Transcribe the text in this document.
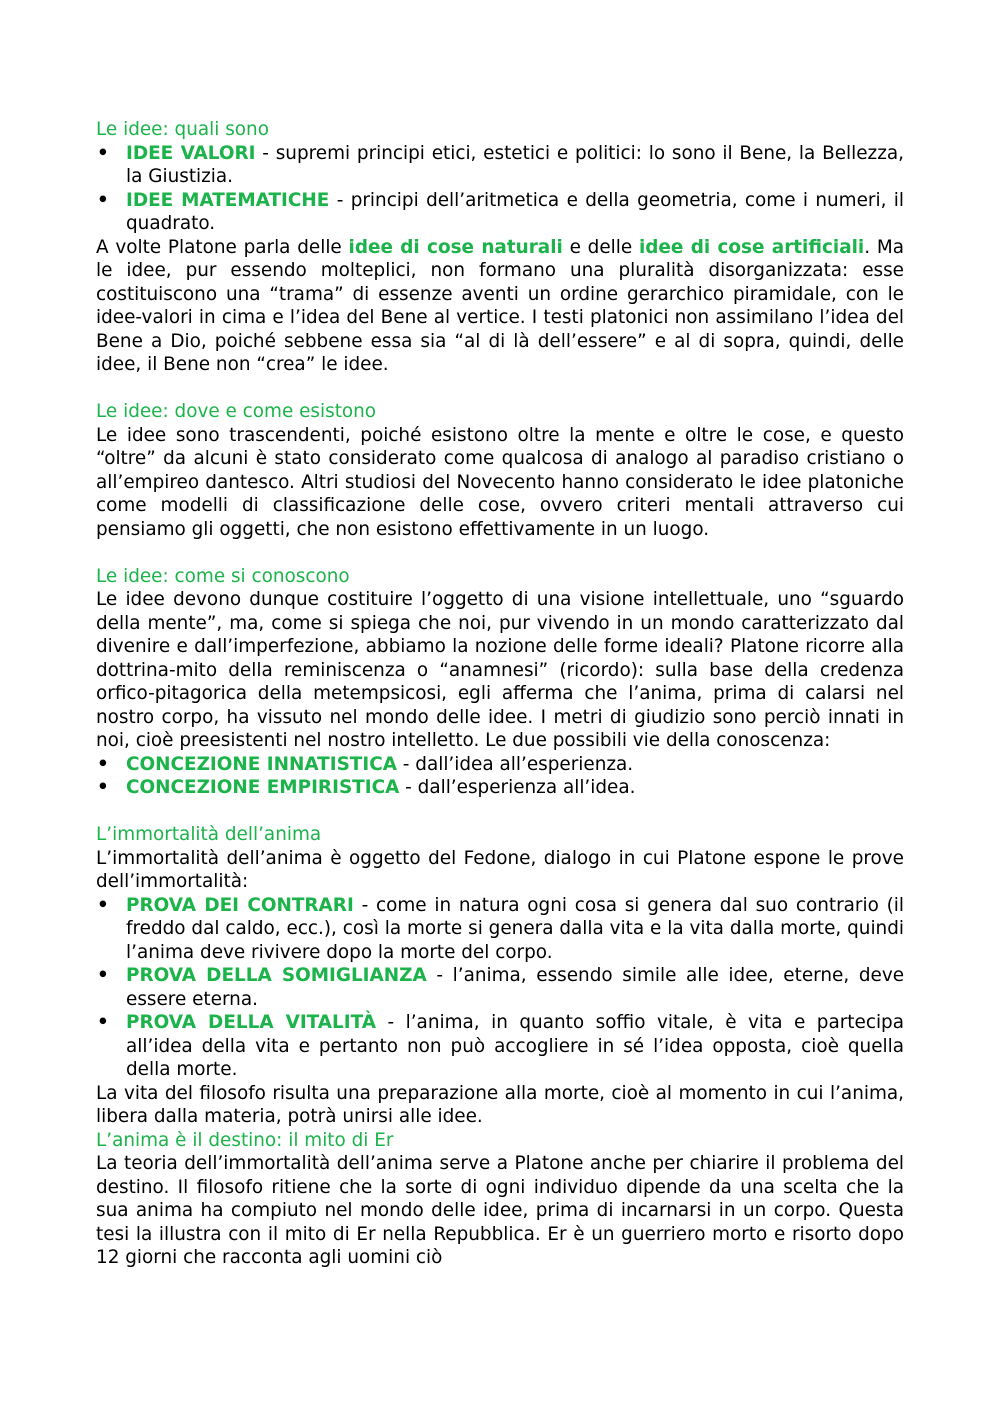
Le idee: quali sono

• IDEE VALORI - supremi principi etici, estetici e politici: lo sono il Bene, la Bellezza, la Giustizia.
• IDEE MATEMATICHE - principi dell’aritmetica e della geometria, come i numeri, il quadrato.

A volte Platone parla delle idee di cose naturali e delle idee di cose artificiali. Ma le idee, pur essendo molteplici, non formano una pluralità disorganizzata: esse costituiscono una “trama” di essenze aventi un ordine gerarchico piramidale, con le idee-valori in cima e l’idea del Bene al vertice. I testi platonici non assimilano l’idea del Bene a Dio, poiché sebbene essa sia “al di là dell’essere” e al di sopra, quindi, delle idee, il Bene non “crea” le idee.

Le idee: dove e come esistono

Le idee sono trascendenti, poiché esistono oltre la mente e oltre le cose, e questo “oltre” da alcuni è stato considerato come qualcosa di analogo al paradiso cristiano o all’empireo dantesco. Altri studiosi del Novecento hanno considerato le idee platoniche come modelli di classificazione delle cose, ovvero criteri mentali attraverso cui pensiamo gli oggetti, che non esistono effettivamente in un luogo.

Le idee: come si conoscono

Le idee devono dunque costituire l’oggetto di una visione intellettuale, uno “sguardo della mente”, ma, come si spiega che noi, pur vivendo in un mondo caratterizzato dal divenire e dall’imperfezione, abbiamo la nozione delle forme ideali? Platone ricorre alla dottrina-mito della reminiscenza o “anamnesi” (ricordo): sulla base della credenza orfico-pitagorica della metempsicosi, egli afferma che l’anima, prima di calarsi nel nostro corpo, ha vissuto nel mondo delle idee. I metri di giudizio sono perciò innati in noi, cioè preesistenti nel nostro intelletto. Le due possibili vie della conoscenza:

• CONCEZIONE INNATISTICA - dall’idea all’esperienza.
• CONCEZIONE EMPIRISTICA - dall’esperienza all’idea.

L’immortalità dell’anima

L’immortalità dell’anima è oggetto del Fedone, dialogo in cui Platone espone le prove dell’immortalità:

• PROVA DEI CONTRARI - come in natura ogni cosa si genera dal suo contrario (il freddo dal caldo, ecc.), così la morte si genera dalla vita e la vita dalla morte, quindi l’anima deve rivivere dopo la morte del corpo.
• PROVA DELLA SOMIGLIANZA - l’anima, essendo simile alle idee, eterne, deve essere eterna.
• PROVA DELLA VITALITÀ - l’anima, in quanto soffio vitale, è vita e partecipa all’idea della vita e pertanto non può accogliere in sé l’idea opposta, cioè quella della morte.

La vita del filosofo risulta una preparazione alla morte, cioè al momento in cui l’anima, libera dalla materia, potrà unirsi alle idee.

L’anima è il destino: il mito di Er

La teoria dell’immortalità dell’anima serve a Platone anche per chiarire il problema del destino. Il filosofo ritiene che la sorte di ogni individuo dipende da una scelta che la sua anima ha compiuto nel mondo delle idee, prima di incarnarsi in un corpo. Questa tesi la illustra con il mito di Er nella Repubblica. Er è un guerriero morto e risorto dopo 12 giorni che racconta agli uomini ciò
